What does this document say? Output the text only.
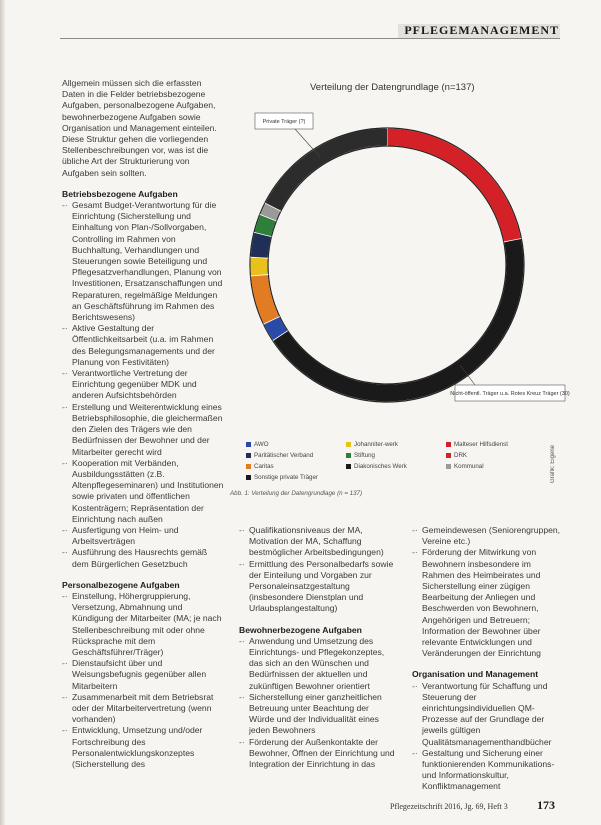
PFLEGEMANAGEMENT

Allgemein müssen sich die erfassten Daten in die Felder betriebsbezogene Aufgaben, personalbezogene Aufgaben, bewohnerbezogene Aufgaben sowie Organisation und Management einteilen. Diese Struktur gehen die vorliegenden Stellenbeschreibungen vor, was ist die übliche Art der Strukturierung von Aufgaben sein sollten.

Betriebsbezogene Aufgaben
-· Gesamt Budget-Verantwortung für die Einrichtung (Sicherstellung und Einhaltung von Plan-/Sollvorgaben, Controlling im Rahmen von Buchhaltung, Verhandlungen und Steuerungen sowie Beteiligung und Pflegesatzverhandlungen, Planung von Investitionen, Ersatzanschaffungen und Reparaturen, regelmäßige Meldungen an Geschäftsführung im Rahmen des Berichtswesens)
-· Aktive Gestaltung der Öffentlichkeitsarbeit (u.a. im Rahmen des Belegungsmanagements und der Planung von Festivitäten)
-· Verantwortliche Vertretung der Einrichtung gegenüber MDK und anderen Aufsichtsbehörden
-· Erstellung und Weiterentwicklung eines Betriebsphilosophie, die gleichermaßen den Zielen des Trägers wie den Bedürfnissen der Bewohner und der Mitarbeiter gerecht wird
-· Kooperation mit Verbänden, Ausbildungsstätten (z.B. Altenpflegeseminaren) und Institutionen sowie privaten und öffentlichen Kostenträgern; Repräsentation der Einrichtung nach außen
-· Ausfertigung von Heim- und Arbeitsverträgen
-· Ausführung des Hausrechts gemäß dem Bürgerlichen Gesetzbuch
Personalbezogene Aufgaben
-· Einstellung, Höhergruppierung, Versetzung, Abmahnung und Kündigung der Mitarbeiter (MA; je nach Stellenbeschreibung mit oder ohne Rücksprache mit dem Geschäftsführer/Träger)
-· Dienstaufsicht über und Weisungsbefugnis gegenüber allen Mitarbeitern
-· Zusammenarbeit mit dem Betriebsrat oder der Mitarbeitervertretung (wenn vorhanden)
-· Entwicklung, Umsetzung und/oder Fortschreibung des Personalentwicklungskonzeptes (Sicherstellung des
Verteilung der Datengrundlage (n=137)
Private Träger (?)
Nicht-öffentl. Träger u.a. Rotes Kreuz Träger (30)
AWO	Johanniter-werk	Malteser Hilfsdienst
Paritätischer Verband	Stiftung	DRK
Caritas	Diakonisches Werk	Kommunal
Sonstige private Träger
Abb. 1: Verteilung der Datengrundlage (n = 137)
Grafik: Eigene
-· Qualifikationsniveaus der MA, Motivation der MA, Schaffung bestmöglicher Arbeitsbedingungen)
-· Ermittlung des Personalbedarfs sowie der Einteilung und Vorgaben zur Personaleinsatzgestaltung (insbesondere Dienstplan und Urlaubsplangestaltung)
Bewohnerbezogene Aufgaben
-· Anwendung und Umsetzung des Einrichtungs- und Pflegekonzeptes, das sich an den Wünschen und Bedürfnissen der aktuellen und zukünftigen Bewohner orientiert
-· Sicherstellung einer ganzheitlichen Betreuung unter Beachtung der Würde und der Individualität eines jeden Bewohners
-· Förderung der Außenkontakte der Bewohner, Öffnen der Einrichtung und Integration der Einrichtung in das
-· Gemeindewesen (Seniorengruppen, Vereine etc.)
-· Förderung der Mitwirkung von Bewohnern insbesondere im Rahmen des Heimbeirates und Sicherstellung einer zügigen Bearbeitung der Anliegen und Beschwerden von Bewohnern, Angehörigen und Betreuern; Information der Bewohner über relevante Entwicklungen und Veränderungen der Einrichtung
Organisation und Management
-· Verantwortung für Schaffung und Steuerung der einrichtungsindividuellen QM-Prozesse auf der Grundlage der jeweils gültigen Qualitätsmanagementhandbücher
-· Gestaltung und Sicherung einer funktionierenden Kommunikations- und Informationskultur, Konfliktmanagement
Pflegezeitschrift 2016, Jg. 69, Heft 3 173
